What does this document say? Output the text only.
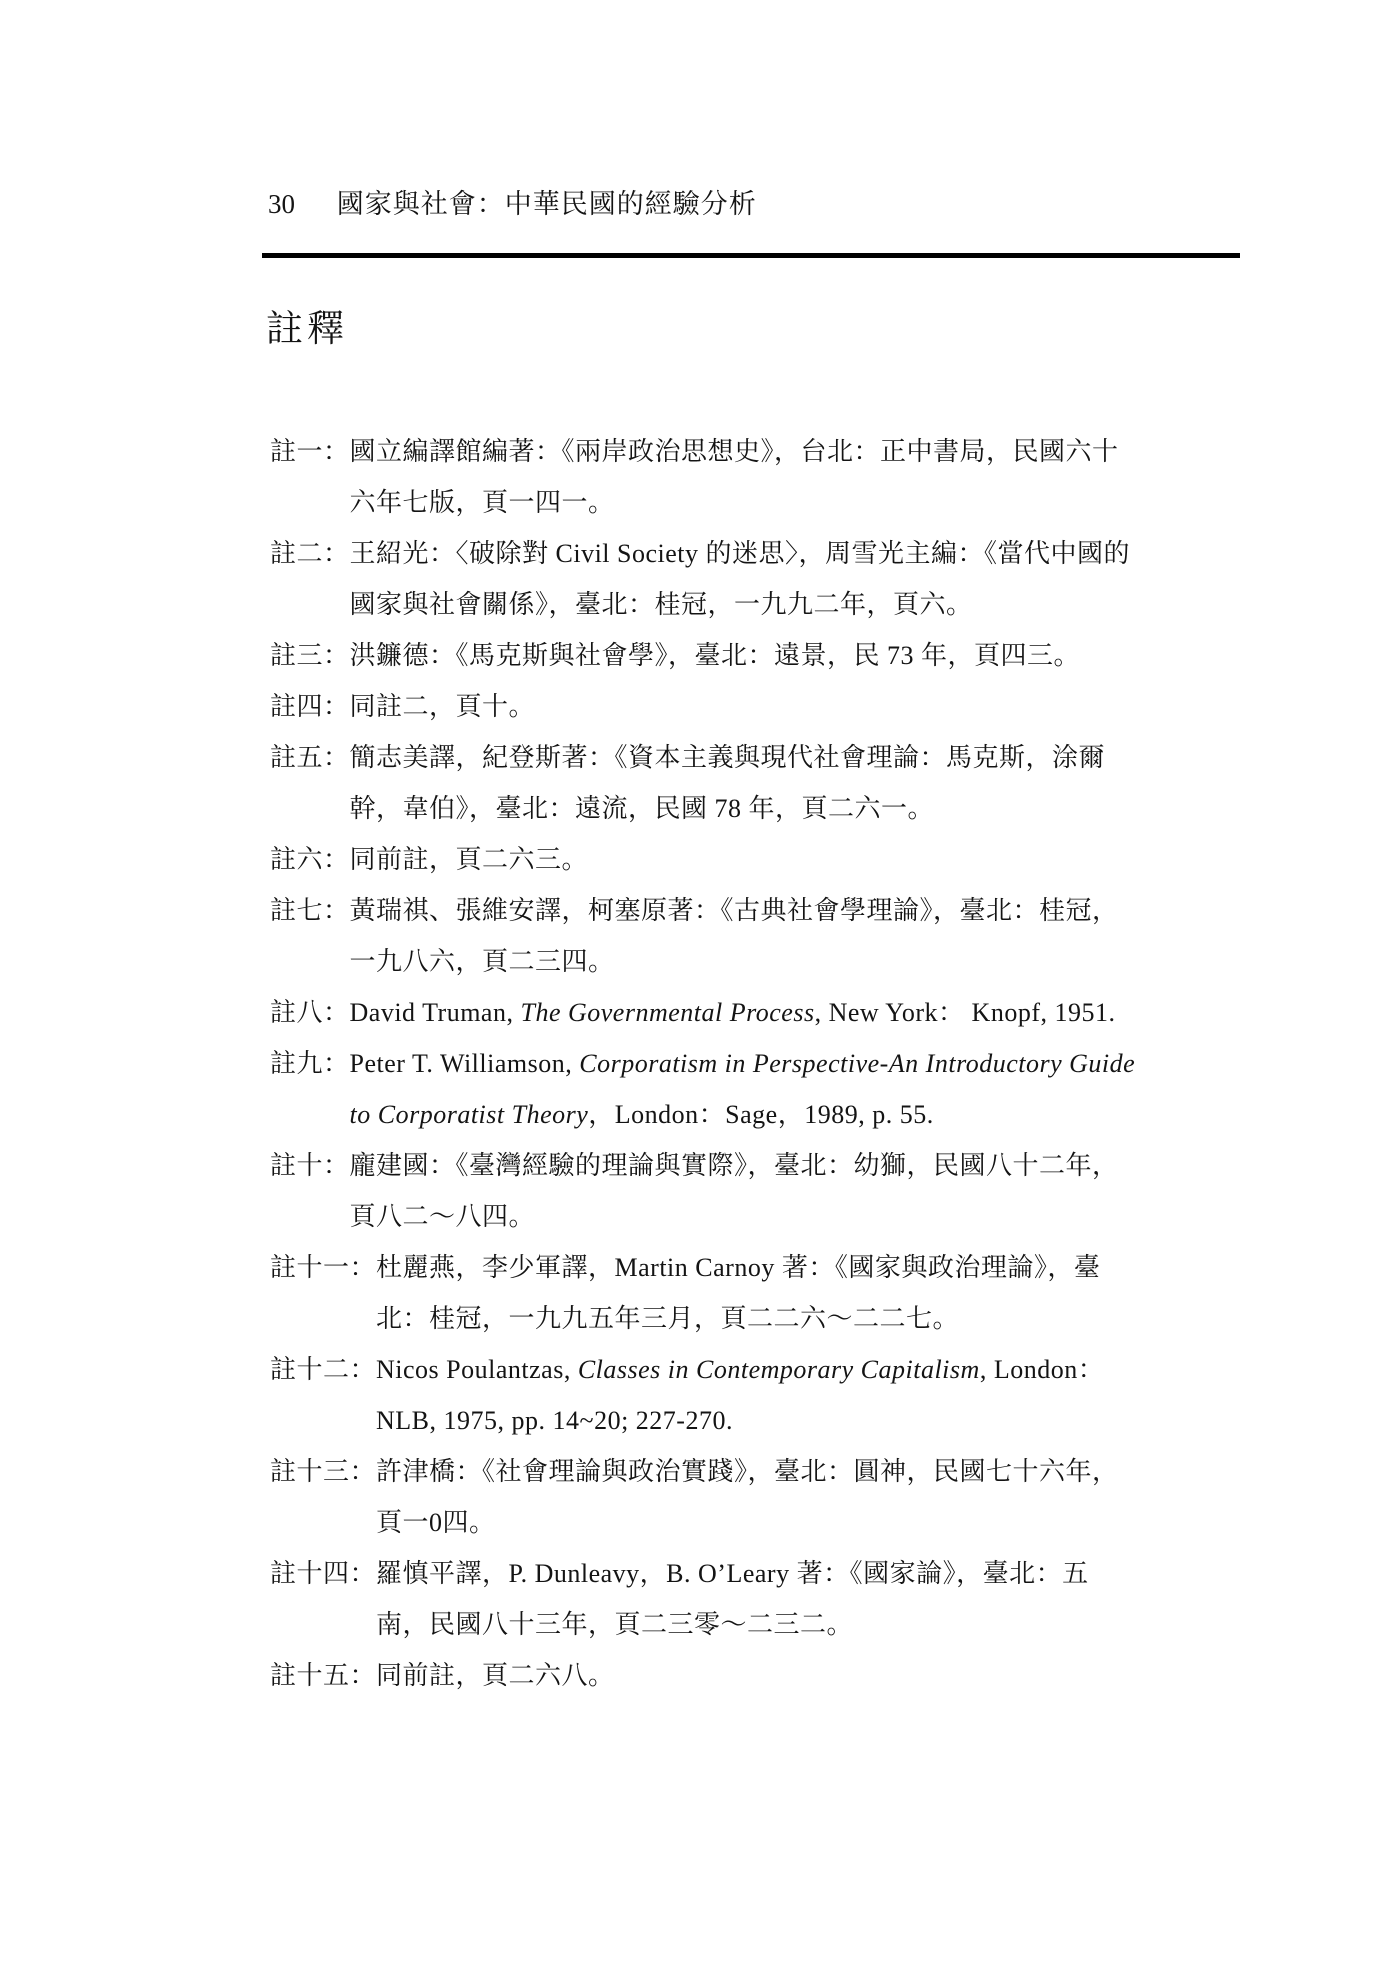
30 國家與社會：中華民國的經驗分析
註釋
註一： 國立編譯館編著：《兩岸政治思想史》，台北：正中書局，民國六十六年七版，頁一四一。
註二： 王紹光：〈破除對 Civil Society 的迷思〉，周雪光主編：《當代中國的國家與社會關係》，臺北：桂冠，一九九二年，頁六。
註三： 洪鐮德：《馬克斯與社會學》，臺北：遠景，民 73 年，頁四三。
註四： 同註二，頁十。
註五： 簡志美譯，紀登斯著：《資本主義與現代社會理論：馬克斯，涂爾幹，韋伯》，臺北：遠流，民國 78 年，頁二六一。
註六： 同前註，頁二六三。
註七： 黃瑞祺、張維安譯，柯塞原著：《古典社會學理論》，臺北：桂冠，一九八六，頁二三四。
註八： David Truman, The Governmental Process, New York： Knopf, 1951.
註九： Peter T. Williamson, Corporatism in Perspective-An Introductory Guide to Corporatist Theory，London：Sage，1989, p. 55.
註十： 龐建國：《臺灣經驗的理論與實際》，臺北：幼獅，民國八十二年，頁八二～八四。
註十一： 杜麗燕，李少軍譯，Martin Carnoy 著：《國家與政治理論》，臺北：桂冠，一九九五年三月，頁二二六～二二七。
註十二： Nicos Poulantzas, Classes in Contemporary Capitalism, London：NLB, 1975, pp. 14~20; 227-270.
註十三： 許津橋：《社會理論與政治實踐》，臺北：圓神，民國七十六年，頁一0四。
註十四： 羅慎平譯，P. Dunleavy，B. O’Leary 著：《國家論》，臺北：五南，民國八十三年，頁二三零～二三二。
註十五： 同前註，頁二六八。
